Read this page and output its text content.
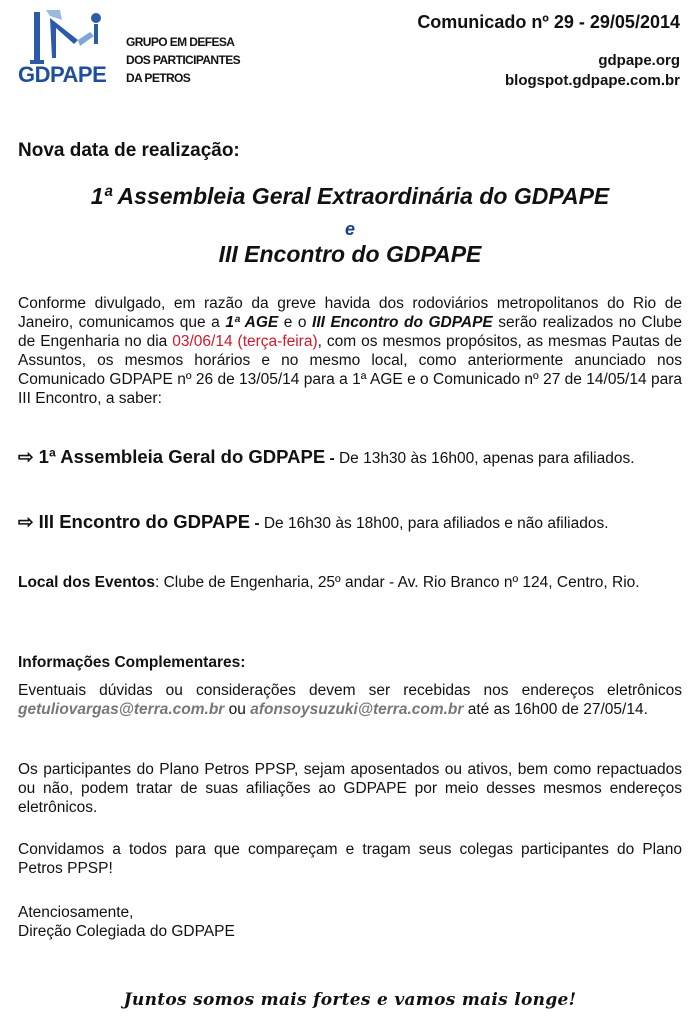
GDPAPE
GRUPO EM DEFESA
DOS PARTICIPANTES
DA PETROS
Comunicado nº 29 - 29/05/2014
gdpape.org
blogspot.gdpape.com.br
Nova data de realização:
1ª Assembleia Geral Extraordinária do GDPAPE
e
III Encontro do GDPAPE
Conforme divulgado, em razão da greve havida dos rodoviários metropolitanos do Rio de Janeiro, comunicamos que a 1ª AGE e o III Encontro do GDPAPE serão realizados no Clube de Engenharia no dia 03/06/14 (terça-feira), com os mesmos propósitos, as mesmas Pautas de Assuntos, os mesmos horários e no mesmo local, como anteriormente anunciado nos Comunicado GDPAPE nº 26 de 13/05/14 para a 1ª AGE e o Comunicado nº 27 de 14/05/14 para III Encontro, a saber:
⇨ 1ª Assembleia Geral do GDPAPE - De 13h30 às 16h00, apenas para afiliados.
⇨ III Encontro do GDPAPE - De 16h30 às 18h00, para afiliados e não afiliados.
Local dos Eventos: Clube de Engenharia, 25º andar - Av. Rio Branco nº 124, Centro, Rio.
Informações Complementares:
Eventuais dúvidas ou considerações devem ser recebidas nos endereços eletrônicos getuliovargas@terra.com.br ou afonsoysuzuki@terra.com.br até as 16h00 de 27/05/14.
Os participantes do Plano Petros PPSP, sejam aposentados ou ativos, bem como repactuados ou não, podem tratar de suas afiliações ao GDPAPE por meio desses mesmos endereços eletrônicos.
Convidamos a todos para que compareçam e tragam seus colegas participantes do Plano Petros PPSP!
Atenciosamente,
Direção Colegiada do GDPAPE
Juntos somos mais fortes e vamos mais longe!
